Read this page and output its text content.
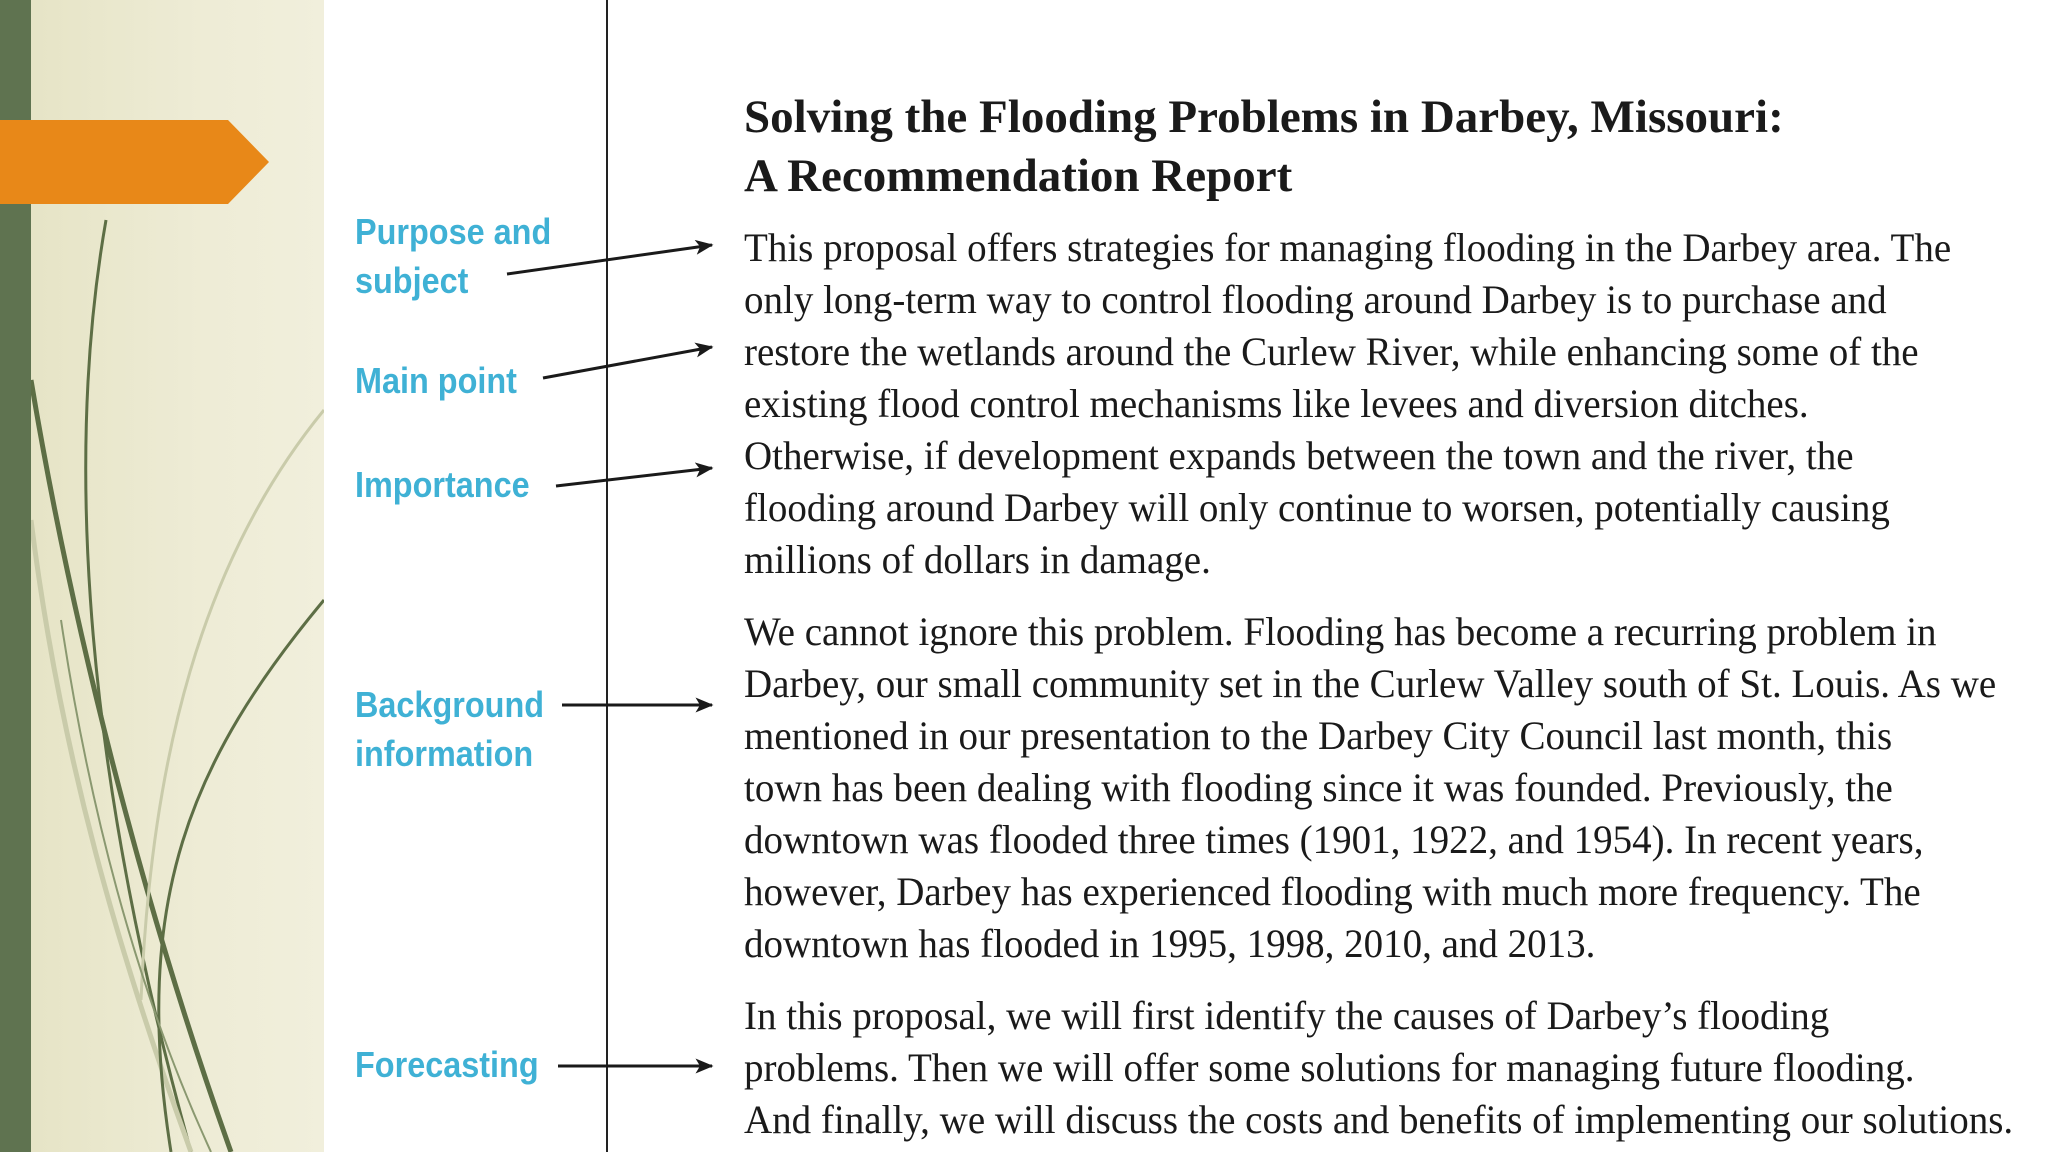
Purpose and
subject
Main point
Importance
Background
information
Forecasting
Solving the Flooding Problems in Darbey, Missouri:
A Recommendation Report
This proposal offers strategies for managing flooding in the Darbey area. The
only long-term way to control flooding around Darbey is to purchase and
restore the wetlands around the Curlew River, while enhancing some of the
existing flood control mechanisms like levees and diversion ditches.
Otherwise, if development expands between the town and the river, the
flooding around Darbey will only continue to worsen, potentially causing
millions of dollars in damage.
We cannot ignore this problem. Flooding has become a recurring problem in
Darbey, our small community set in the Curlew Valley south of St. Louis. As we
mentioned in our presentation to the Darbey City Council last month, this
town has been dealing with flooding since it was founded. Previously, the
downtown was flooded three times (1901, 1922, and 1954). In recent years,
however, Darbey has experienced flooding with much more frequency. The
downtown has flooded in 1995, 1998, 2010, and 2013.
In this proposal, we will first identify the causes of Darbey’s flooding
problems. Then we will offer some solutions for managing future flooding.
And finally, we will discuss the costs and benefits of implementing our solutions.
